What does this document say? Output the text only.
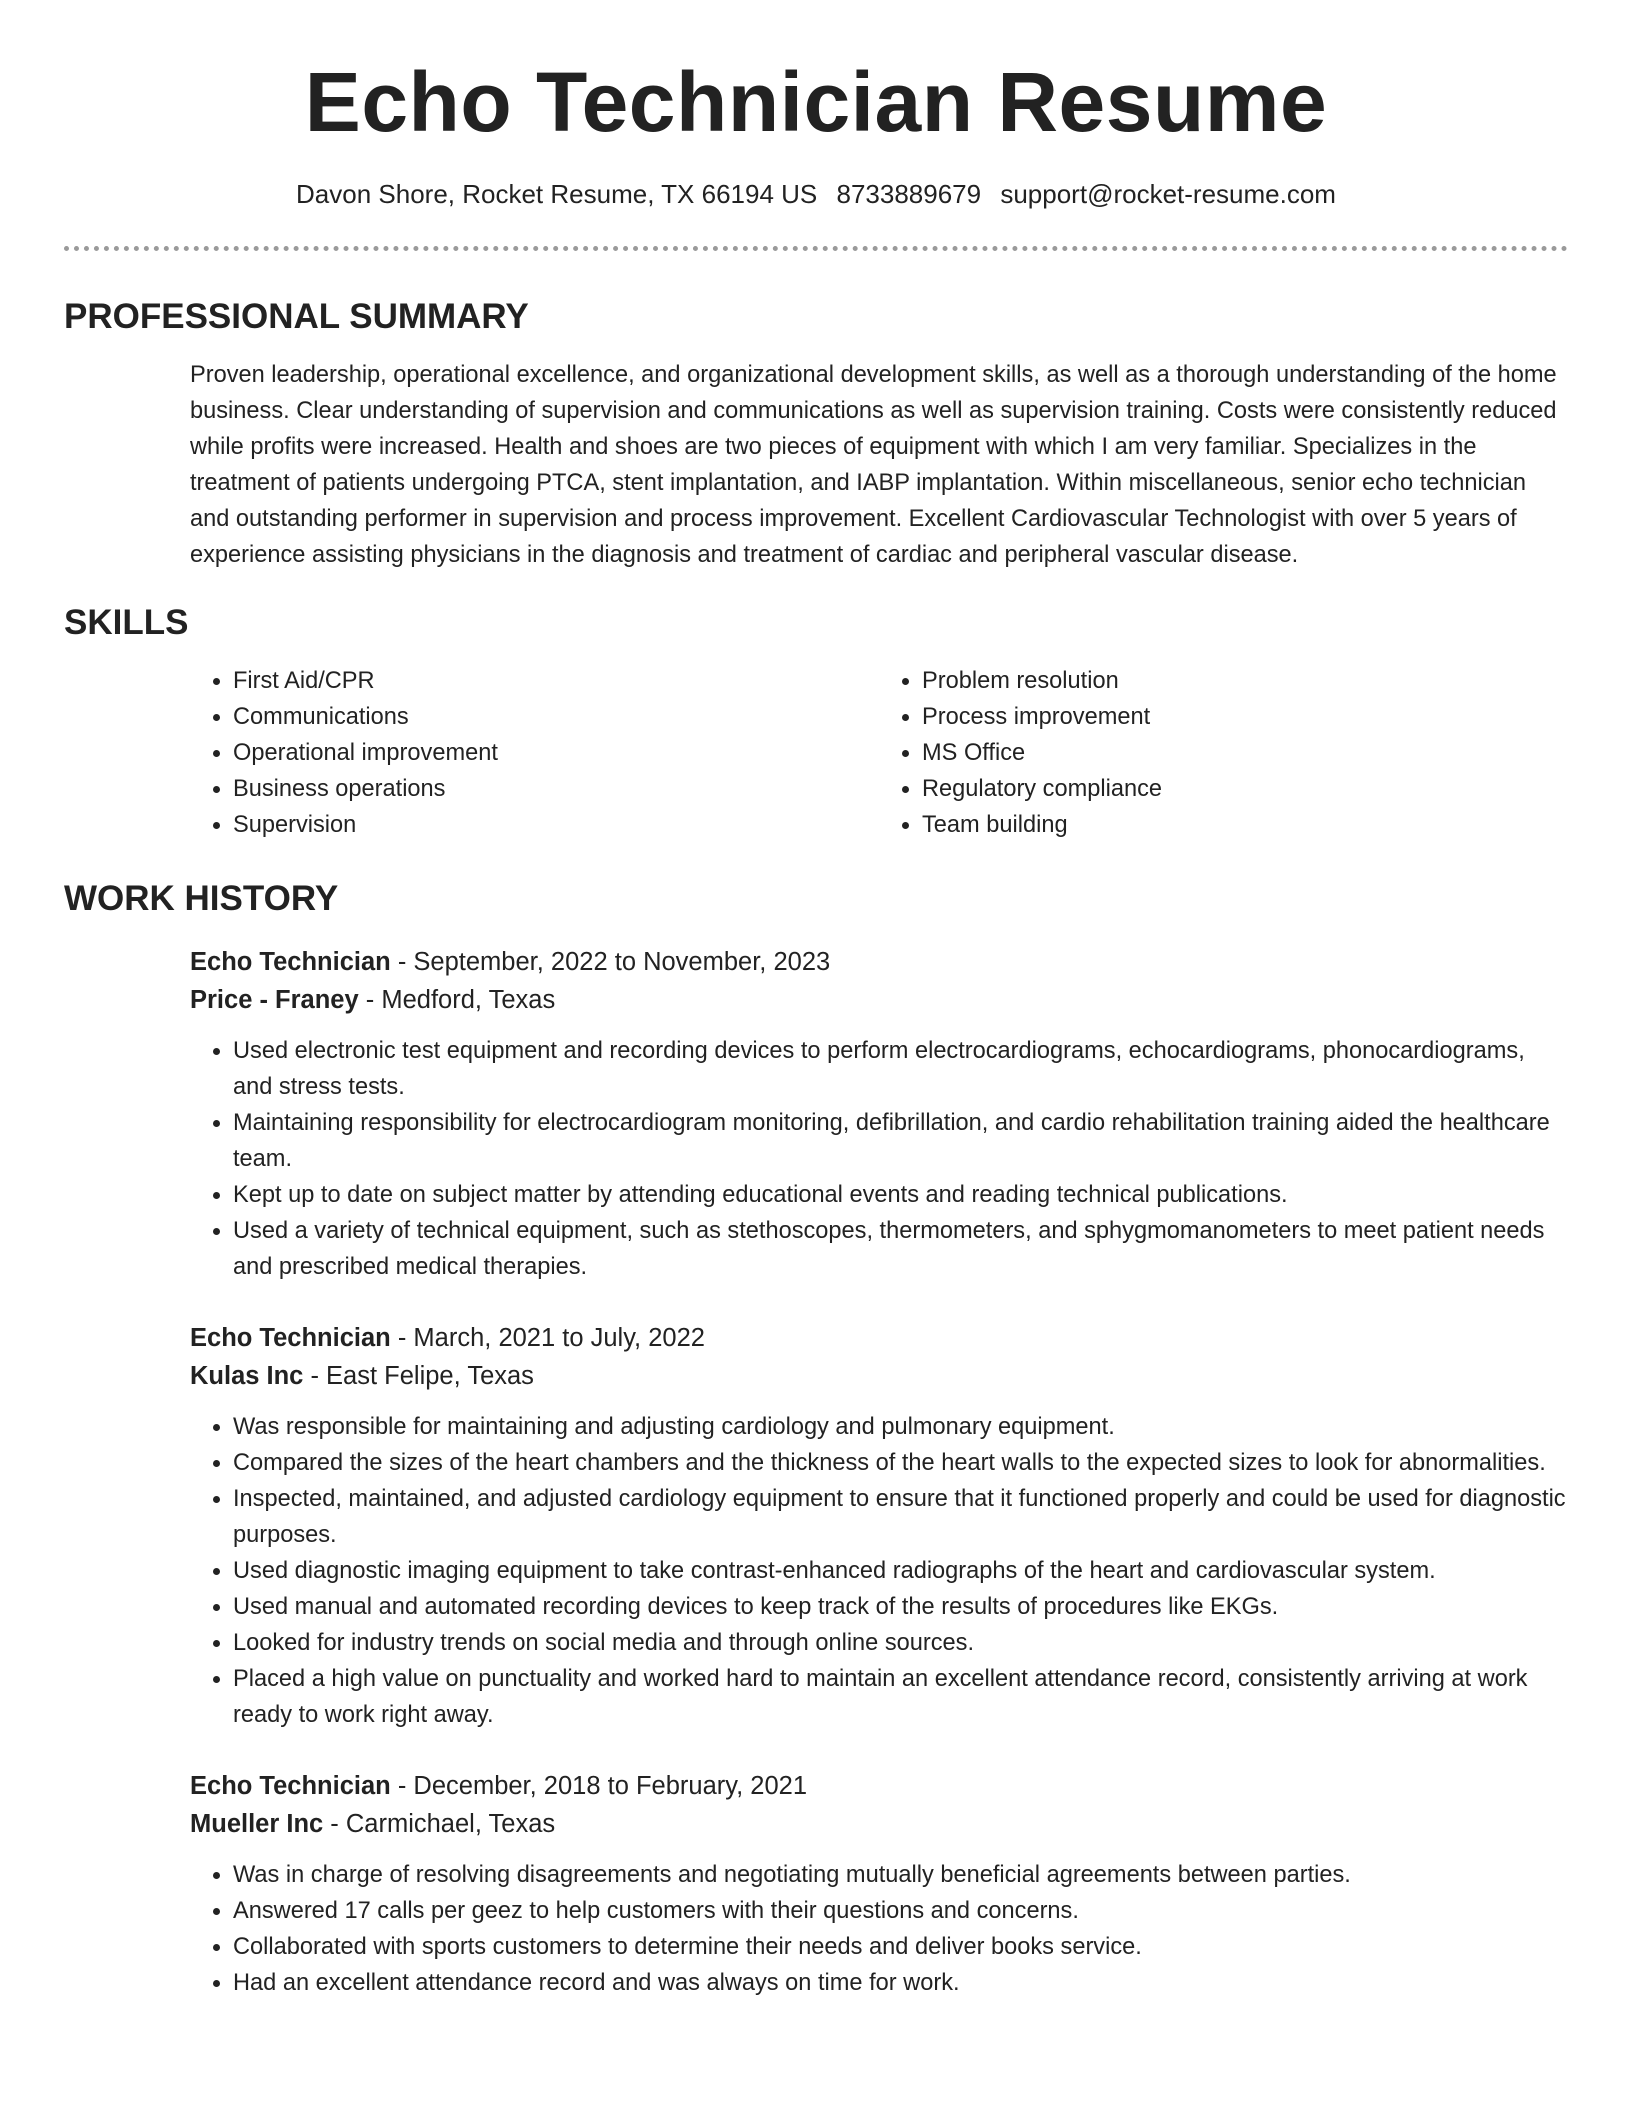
Echo Technician Resume
Davon Shore, Rocket Resume, TX 66194 US 8733889679 support@rocket-resume.com
PROFESSIONAL SUMMARY

Proven leadership, operational excellence, and organizational development skills, as well as a thorough understanding of the home business. Clear understanding of supervision and communications as well as supervision training. Costs were consistently reduced while profits were increased. Health and shoes are two pieces of equipment with which I am very familiar. Specializes in the treatment of patients undergoing PTCA, stent implantation, and IABP implantation. Within miscellaneous, senior echo technician and outstanding performer in supervision and process improvement. Excellent Cardiovascular Technologist with over 5 years of experience assisting physicians in the diagnosis and treatment of cardiac and peripheral vascular disease.

SKILLS
• First Aid/CPR
• Communications
• Operational improvement
• Business operations
• Supervision
• Problem resolution
• Process improvement
• MS Office
• Regulatory compliance
• Team building
WORK HISTORY
Echo Technician - September, 2022 to November, 2023
Price - Franey - Medford, Texas
• Used electronic test equipment and recording devices to perform electrocardiograms, echocardiograms, phonocardiograms, and stress tests.
• Maintaining responsibility for electrocardiogram monitoring, defibrillation, and cardio rehabilitation training aided the healthcare team.
• Kept up to date on subject matter by attending educational events and reading technical publications.
• Used a variety of technical equipment, such as stethoscopes, thermometers, and sphygmomanometers to meet patient needs and prescribed medical therapies.
Echo Technician - March, 2021 to July, 2022
Kulas Inc - East Felipe, Texas
• Was responsible for maintaining and adjusting cardiology and pulmonary equipment.
• Compared the sizes of the heart chambers and the thickness of the heart walls to the expected sizes to look for abnormalities.
• Inspected, maintained, and adjusted cardiology equipment to ensure that it functioned properly and could be used for diagnostic purposes.
• Used diagnostic imaging equipment to take contrast-enhanced radiographs of the heart and cardiovascular system.
• Used manual and automated recording devices to keep track of the results of procedures like EKGs.
• Looked for industry trends on social media and through online sources.
• Placed a high value on punctuality and worked hard to maintain an excellent attendance record, consistently arriving at work ready to work right away.
Echo Technician - December, 2018 to February, 2021
Mueller Inc - Carmichael, Texas
• Was in charge of resolving disagreements and negotiating mutually beneficial agreements between parties.
• Answered 17 calls per geez to help customers with their questions and concerns.
• Collaborated with sports customers to determine their needs and deliver books service.
• Had an excellent attendance record and was always on time for work.
